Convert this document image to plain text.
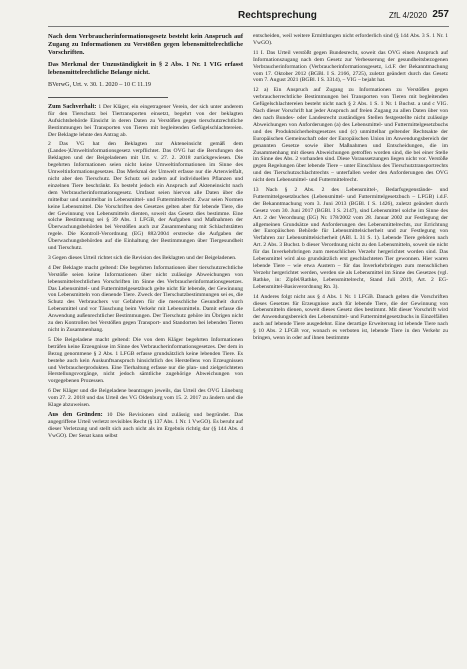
Rechtsprechung	ZfL 4/2020 257
Nach dem Verbraucherinformationsgesetz besteht kein Anspruch auf Zugang zu Informationen zu Verstößen gegen lebensmittelrechtliche Vorschriften.
Das Merkmal der Unzuständigkeit in § 2 Abs. 1 Nr. 1 VIG erfasst lebensmittelrechtliche Belange nicht.
BVerwG, Urt. v. 30. 1. 2020 – 10 C 11.19

Zum Sachverhalt: 1 Der Kläger, ein eingetragener Verein, der sich unter anderem für den Tierschutz bei Tiertransporten einsetzt, begehrt von der beklagten Aufsichtsbehörde Einsicht in deren Daten zu Verstößen gegen tierschutzrechtliche Bestimmungen bei Transporten von Tieren mit begleitenden Gefügelschlachtereien. Der Beklagte lehnte den Antrag ab.

2 Das VG hat den Beklagten zur Akteneinsicht gemäß dem (Landes-)Umweltinformationsgesetz verpflichtet. Das OVG hat die Berufungen des Beklagten und der Beigeladenen mit Urt. v. 27. 2. 2018 zurückgewiesen. Die begehrten Informationen seien nicht keine Umweltinformationen im Sinne des Umweltinformationsgesetzes. Das Merkmal der Umwelt erfasse nur die Artenvielfalt, nicht aber den Tierschutz. Der Schutz sei zudem auf individuellen Pflanzen und einzelnen Tiere beschränkt. Es besteht jedoch ein Anspruch auf Akteneinsicht nach dem Verbraucherinformationsgesetz. Umfasst seien hiervon alle Daten über die mittelbar und unmittelbar in Lebensmittel- und Futtermittelrecht. Zwar seien Normen keine Lebensmittel. Die Vorschriften des Gesetzes gelten aber für lebende Tiere, die der Gewinnung von Lebensmitteln dienten, soweit das Gesetz dies bestimme. Eine solche Bestimmung sei § 39 Abs. 1 LFGB, der Aufgaben und Maßnahmen der Überwachungsbehörden bei Verstößen auch zur Zusammenhang mit Schlachtstätten regele. Die Kontroll-Verordnung (EG) 882/2004 erstrecke die Aufgaben der Überwachungsbehörden auf die Einhaltung der Bestimmungen über Tiergesundheit und Tierschutz.

3 Gegen dieses Urteil richtet sich die Revision des Beklagten und der Beigeladenen.

4 Der Beklagte macht geltend: Die begehrten Informationen über tierschutzrechtliche Verstöße seien keine Informationen über nicht zulässige Abweichungen von lebensmittelrechtlichen Vorschriften im Sinne des Verbraucherinformationsgesetzes. Das Lebensmittel- und Futtermittelgesetzbuch gelte nicht für lebende, der Gewinnung von Lebensmitteln von dienende Tiere. Zweck der Tierschutzbestimmungen sei es, die Schutz des Verbrauchers vor Gefahren für die menschliche Gesundheit durch Lebensmittel und vor Täuschung beim Verkehr mit Lebensmitteln. Damit erfasse die Anwendung außenrechtlicher Bestimmungen. Der Tierschutz gehöre im Übrigen nicht zu den Kontrollen bei Verstößen gegen Transport- und Standorten bei lebenden Tieren nicht in Zusammenhang.

5 Die Beigeladene macht geltend: Die von dem Kläger begehrten Informationen beträfen keine Erzeugnisse im Sinne des Verbraucherinformationsgesetzes. Der dem in Bezug genommene § 2 Abs. 1 LFGB erfasse grundsätzlich keine lebenden Tiere. Es bestehe auch kein Auskunftsanspruch hinsichtlich des Herstellens von Erzeugnissen und Verbraucherprodukten. Eine Tierhaltung erfasse nur die plan- und zielgerichteten Herstellungsvorgänge, nicht jedoch sämtliche zugehörige Abweichungen von vorgegebenen Prozessen.

6 Der Kläger und die Beigeladene beantragen jeweils, das Urteil des OVG Lüneburg vom 27. 2. 2018 und das Urteil des VG Oldenburg vom 15. 2. 2017 zu ändern und die Klage abzuweisen.

Aus den Gründen: 10 Die Revisionen sind zulässig und begründet. Das angegriffene Urteil verletzt revisibles Recht (§ 137 Abs. 1 Nr. 1 VwGO). Es beruht auf dieser Verletzung und stellt sich auch nicht als im Ergebnis richtig dar (§ 144 Abs. 4 VwGO). Der Senat kann selbst

entscheiden, weil weitere Ermittlungen nicht erforderlich sind (§ 144 Abs. 3 S. 1 Nr. 1 VwGO).

11 I. Das Urteil verstößt gegen Bundesrecht, soweit das OVG einen Anspruch auf Informationszugang nach dem Gesetz zur Verbesserung der gesundheitsbezogenen Verbraucherinformation (Verbraucherinformationsgesetz, i.d.F. der Bekanntmachung vom 17. Oktober 2012 (BGBl. I S. 2166, 2725), zuletzt geändert durch das Gesetz vom 7. August 2021 (BGBl. I S. 3314), – VIG – bejaht hat.

12 a) Ein Anspruch auf Zugang zu Informationen zu Verstößen gegen verbraucherrechtliche Bestimmungen bei Transporten von Tieren mit begleitenden Gefügelschlachtereien besteht nicht nach § 2 Abs. 1 S. 1 Nr. 1 Buchst. a und c VIG. Nach dieser Vorschrift hat jeder Anspruch auf freien Zugang zu allen Daten über von den nach Bundes- oder Landesrecht zuständigen Stellen festgestellte nicht zulässige Abweichungen von Anforderungen (a) des Lebensmittel- und Futtermittelgesetzbuchs und des Produktsicherheitsgesetzes und (c) unmittelbar geltender Rechtsakte der Europäischen Gemeinschaft oder der Europäischen Union im Anwendungsbereich der genannten Gesetze sowie über Maßnahmen und Entscheidungen, die im Zusammenhang mit diesen Abweichungen getroffen worden sind, die bei einer Stelle im Sinne des Abs. 2 vorhanden sind. Diese Voraussetzungen liegen nicht vor. Verstöße gegen Regelungen über lebende Tiere – unter Einschluss des Tierschutztransportrechts und des Tierschutzschlachtrechts – unterfallen weder den Anforderungen des OVG nicht dem Lebensmittel- und Futtermittelrecht.

13 Nach § 2 Abs. 2 des Lebensmittel-, Bedarfsgegenstände- und Futtermittelgesetzbuches (Lebensmittel- und Futtermittelgesetzbuch – LFGB) i.d.F. der Bekanntmachung vom 3. Juni 2013 (BGBl. I S. 1426), zuletzt geändert durch Gesetz vom 30. Juni 2017 (BGBl. I S. 2147), sind Lebensmittel solche im Sinne des Art. 2 der Verordnung (EG) Nr. 178/2002 vom 28. Januar 2002 zur Festlegung der allgemeinen Grundsätze und Anforderungen des Lebensmittelrechts, zur Errichtung der Europäischen Behörde für Lebensmittelsicherheit und zur Festlegung von Verfahren zur Lebensmittelsicherheit (ABl. L 31 S. 1). Lebende Tiere gehören nach Art. 2 Abs. 3 Buchst. b dieser Verordnung nicht zu den Lebensmitteln, soweit sie nicht für das Inverkehrbringen zum menschlichen Verzehr hergerichtet worden sind. Das Lebensmittel wird also grundsätzlich erst geschlachteten Tier gewonnen. Hier waren lebende Tiere – wie etwa Austern – für das Inverkehrbringen zum menschlichen Verzehr hergerichtet werden, werden sie als Lebensmittel im Sinne des Gesetzes (vgl. Rathke, in: Zipfel/Rathke, Lebensmittelrecht, Stand Juli 2019, Art. 2 EG-Lebensmittel-Basisverordnung Rn. 3).

14 Anderes folgt nicht aus § 4 Abs. 1 Nr. 1 LFGB. Danach gelten die Vorschriften dieses Gesetzes für Erzeugnisse auch für lebende Tiere, die der Gewinnung von Lebensmitteln dienen, soweit dieses Gesetz dies bestimmt. Mit dieser Vorschrift wird der Anwendungsbereich des Lebensmittel- und Futtermittelgesetzbuchs in Einzelfällen auch auf lebende Tiere ausgedehnt. Eine derartige Erweiterung ist lebende Tiere nach § 10 Abs. 2 LFGB vor, wonach es verboten ist, lebende Tiere in den Verkehr zu bringen, wenn in oder auf ihnen bestimmte
